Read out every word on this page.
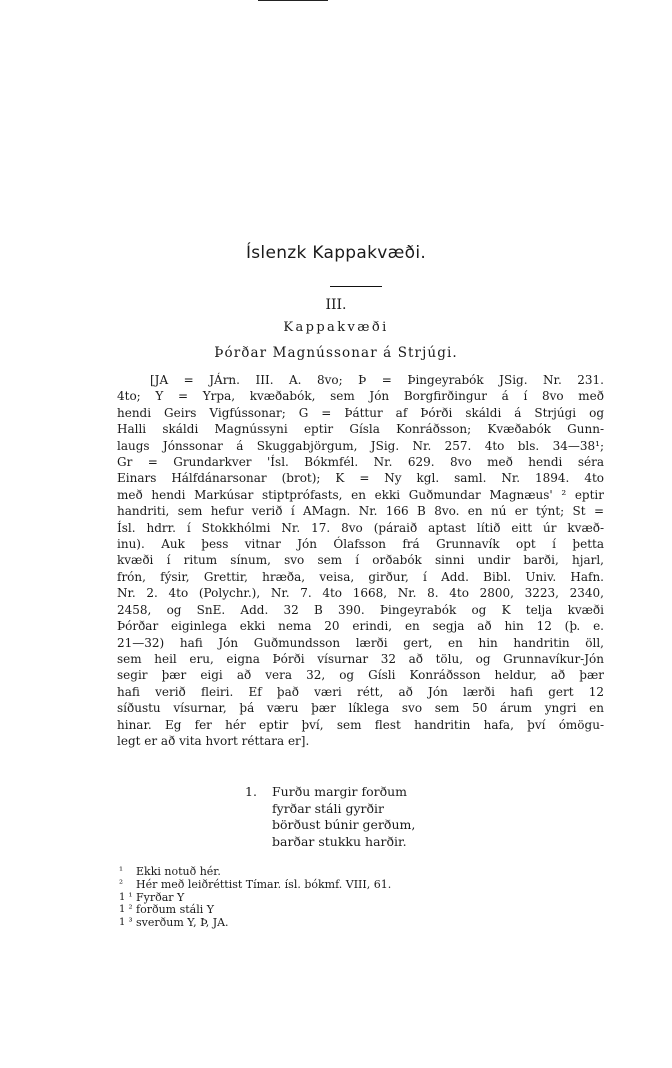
Íslenzk Kappakvæði.
III.
Kappakvæði
Þórðar Magnússonar á Strjúgi.
[JA = JÁrn. III. A. 8vo; Þ = Þingeyrabók JSig. Nr. 231.
4to; Y = Yrpa, kvæðabók, sem Jón Borgfirðingur á í 8vo með
hendi Geirs Vigfússonar; G = Þáttur af Þórði skáldi á Strjúgi og
Halli skáldi Magnússyni eptir Gísla Konráðsson; Kvæðabók Gunn-
laugs Jónssonar á Skuggabjörgum, JSig. Nr. 257. 4to bls. 34—38¹;
Gr = Grundarkver 'Ísl. Bókmfél. Nr. 629. 8vo með hendi séra
Einars Hálfdánarsonar (brot); K = Ny kgl. saml. Nr. 1894. 4to
með hendi Markúsar stiptprófasts, en ekki Guðmundar Magnæus' ² eptir
handriti, sem hefur verið í AMagn. Nr. 166 B 8vo. en nú er týnt; St =
Ísl. hdrr. í Stokkhólmi Nr. 17. 8vo (páraið aptast lítið eitt úr kvæð-
inu). Auk þess vitnar Jón Ólafsson frá Grunnavík opt í þetta
kvæði í ritum sínum, svo sem í orðabók sinni undir barði, hjarl,
frón, fýsir, Grettir, hræða, veisa, girður, í Add. Bibl. Univ. Hafn.
Nr. 2. 4to (Polychr.), Nr. 7. 4to 1668, Nr. 8. 4to 2800, 3223, 2340,
2458, og SnE. Add. 32 B 390. Þingeyrabók og K telja kvæði
Þórðar eiginlega ekki nema 20 erindi, en segja að hin 12 (þ. e.
21—32) hafi Jón Guðmundsson lærði gert, en hin handritin öll,
sem heil eru, eigna Þórði vísurnar 32 að tölu, og Grunnavíkur-Jón
segir þær eigi að vera 32, og Gísli Konráðsson heldur, að þær
hafi verið fleiri. Ef það væri rétt, að Jón lærði hafi gert 12
síðustu vísurnar, þá væru þær líklega svo sem 50 árum yngri en
hinar. Eg fer hér eptir því, sem flest handritin hafa, því ómögu-
legt er að vita hvort réttara er].
1.	Furðu margir forðum
fyrðar stáli gyrðir
börðust búnir gerðum,
barðar stukku harðir.
¹	Ekki notuð hér.
²	Hér með leiðréttist Tímar. ísl. bókmf. VIII, 61.
1 ¹ Fyrðar Y
1 ² forðum stáli Y
1 ³ sverðum Y, Þ, JA.
